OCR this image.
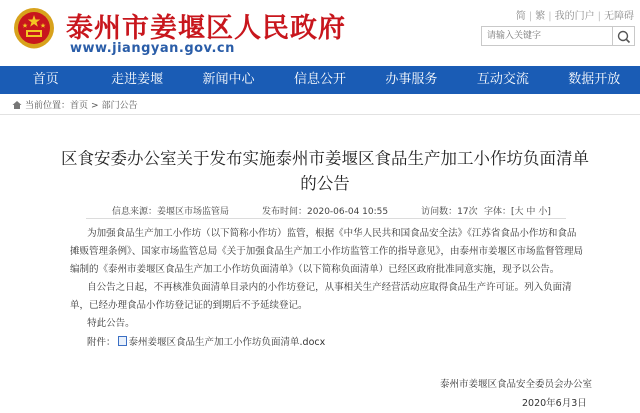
泰州市姜堰区人民政府
www.jiangyan.gov.cn
简 | 繁 | 我的门户 | 无障碍
请输入关键字
首页	走进姜堰	新闻中心	信息公开	办事服务	互动交流	数据开放
当前位置：首页 > 部门公告
区食安委办公室关于发布实施泰州市姜堰区食品生产加工小作坊负面清单的公告
信息来源：姜堰区市场监管局	发布时间：2020-06-04 10:55	访问数：17次 字体：[大 中 小]

为加强食品生产加工小作坊（以下简称小作坊）监管，根据《中华人民共和国食品安全法》《江苏省食品小作坊和食品摊贩管理条例》、国家市场监管总局《关于加强食品生产加工小作坊监管工作的指导意见》，由泰州市姜堰区市场监督管理局编制的《泰州市姜堰区食品生产加工小作坊负面清单》（以下简称负面清单）已经区政府批准同意实施，现予以公告。

自公告之日起，不再核准负面清单目录内的小作坊登记，从事相关生产经营活动应取得食品生产许可证。列入负面清单，已经办理食品小作坊登记证的到期后不予延续登记。

特此公告。

附件： 泰州姜堰区食品生产加工小作坊负面清单.docx
泰州市姜堰区食品安全委员会办公室
2020年6月3日
